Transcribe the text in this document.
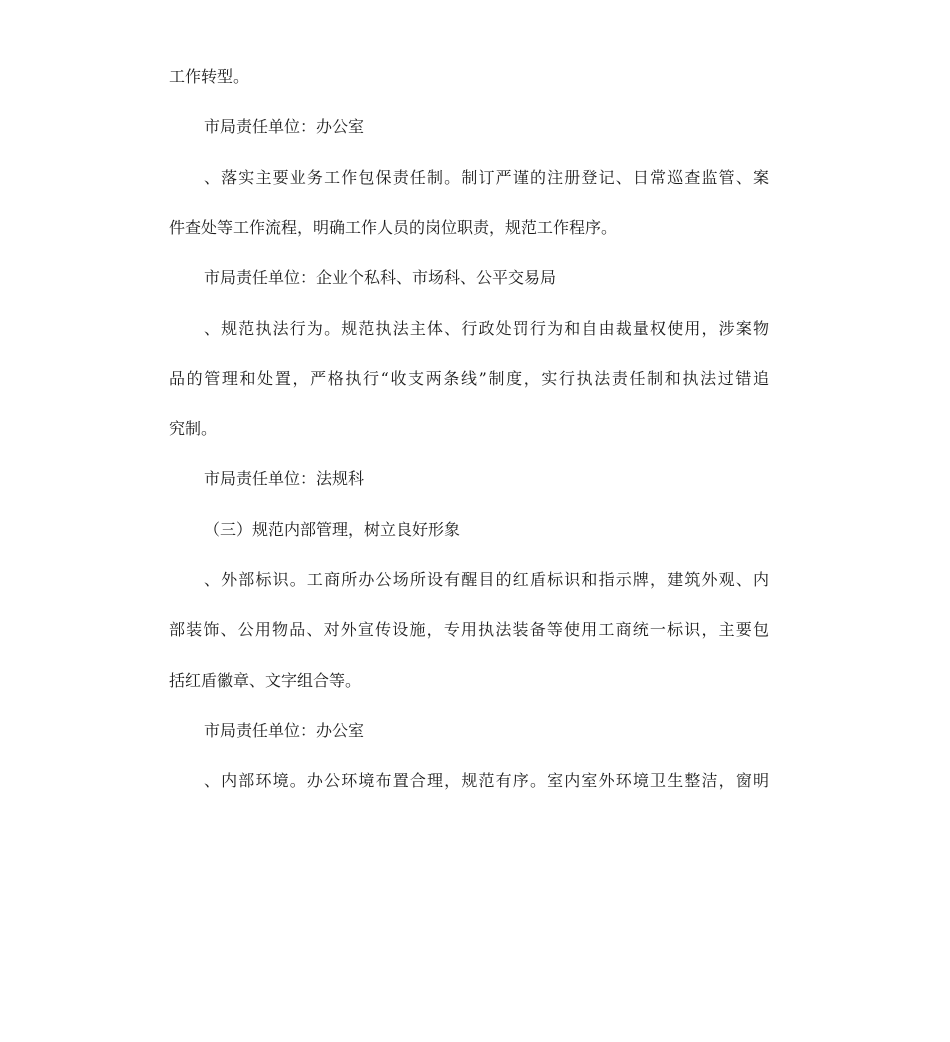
工作转型。
市局责任单位：办公室
、落实主要业务工作包保责任制。制订严谨的注册登记、日常巡查监管、案
件查处等工作流程，明确工作人员的岗位职责，规范工作程序。
市局责任单位：企业个私科、市场科、公平交易局
、规范执法行为。规范执法主体、行政处罚行为和自由裁量权使用，涉案物
品的管理和处置，严格执行“收支两条线”制度，实行执法责任制和执法过错追
究制。
市局责任单位：法规科
（三）规范内部管理，树立良好形象
、外部标识。工商所办公场所设有醒目的红盾标识和指示牌，建筑外观、内
部装饰、公用物品、对外宣传设施，专用执法装备等使用工商统一标识，主要包
括红盾徽章、文字组合等。
市局责任单位：办公室
、内部环境。办公环境布置合理，规范有序。室内室外环境卫生整洁，窗明
